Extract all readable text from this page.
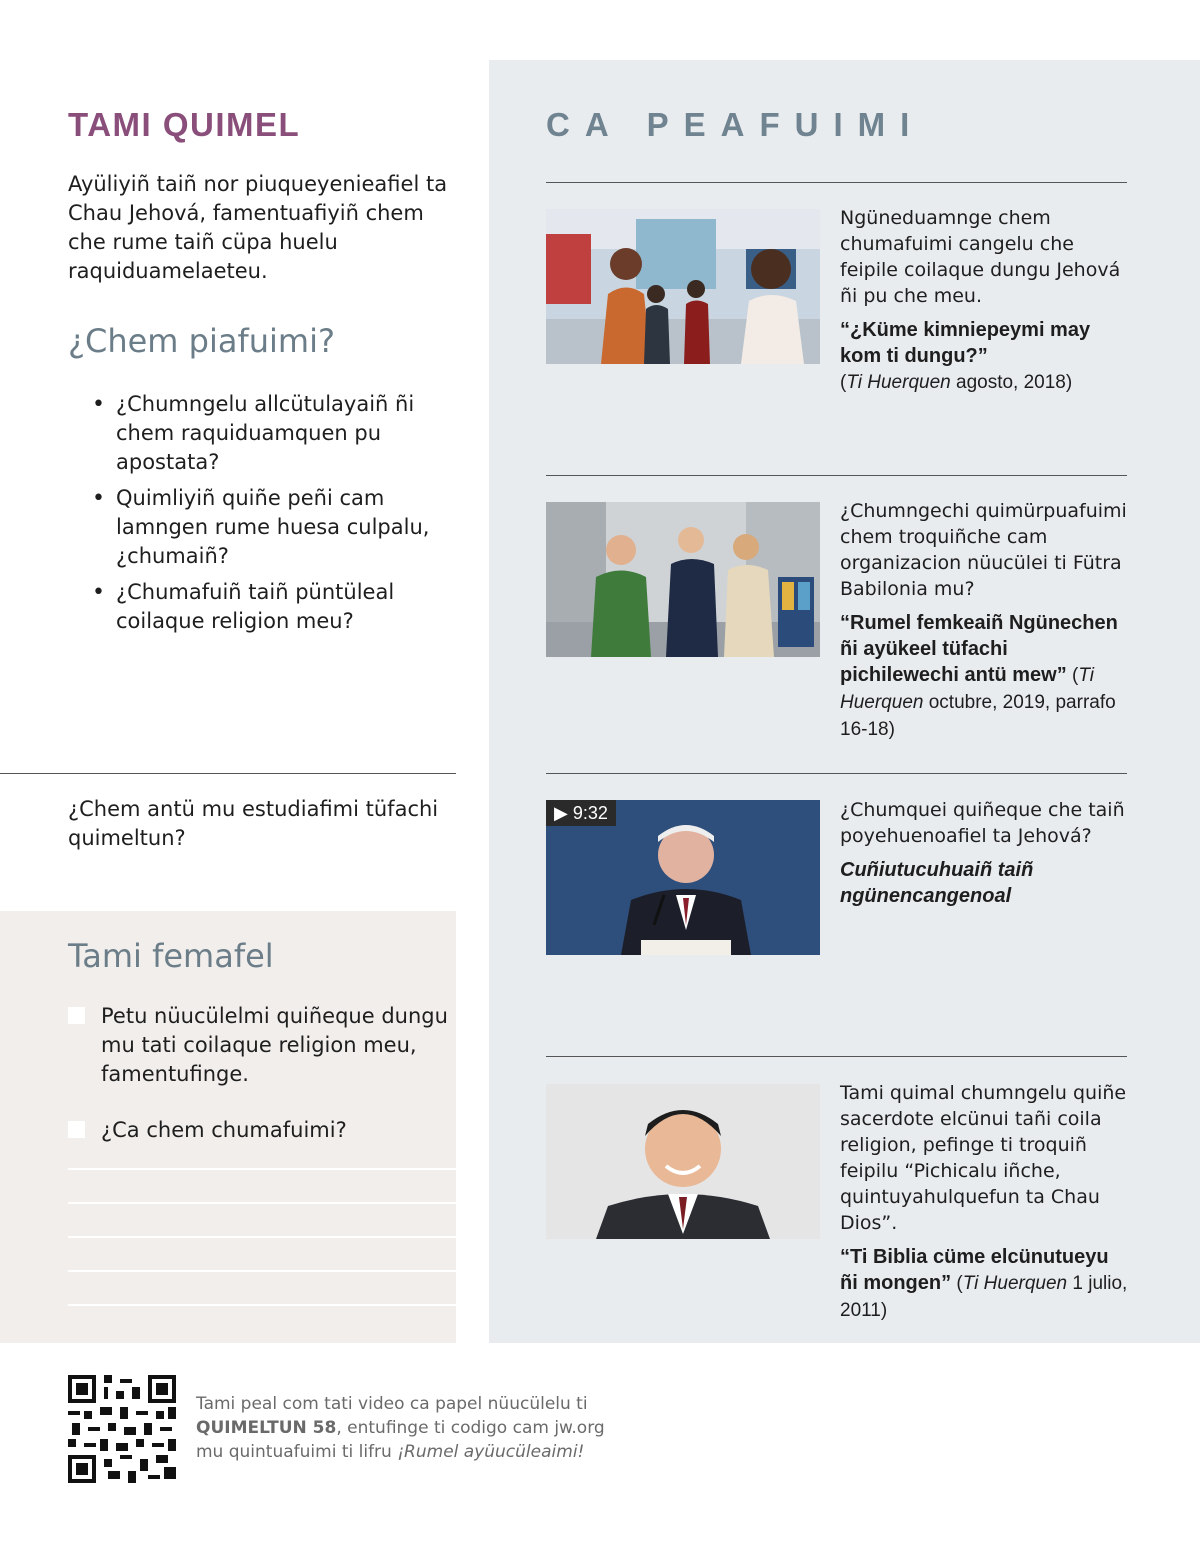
TAMI QUIMEL
Ayüliyiñ taiñ nor piuqueyenieafiel ta Chau Jehová, famentuafiyiñ chem che rume taiñ cüpa huelu raquiduamelaeteu.
¿Chem piafuimi?
• ¿Chumngelu allcütulayaiñ ñi chem raquiduamquen pu apostata?
• Quimliyiñ quiñe peñi cam lamngen rume huesa culpalu, ¿chumaiñ?
• ¿Chumafuiñ taiñ püntüleal coilaque religion meu?
¿Chem antü mu estudiafimi tüfachi quimeltun?
Tami femafel
Petu nüucülelmi quiñeque dungu mu tati coilaque religion meu, famentufinge.
¿Ca chem chumafuimi?
CA PEAFUIMI

Ngüneduamnge chem chumafuimi cangelu che feipile coilaque dungu Jehová ñi pu che meu.

“¿Küme kimniepeymi may kom ti dungu?”
(Ti Huerquen agosto, 2018)

¿Chumngechi quimürpuafuimi chem troquiñche cam organizacion nüucülei ti Fütra Babilonia mu?

“Rumel femkeaiñ Ngünechen ñi ayükeel tüfachi pichilewechi antü mew” (Ti Huerquen octubre, 2019, parrafo 16-18)
▶ 9:32	¿Chumquei quiñeque che taiñ poyehuenoafiel ta Jehová?

Cuñiutucuhuaiñ taiñ ngünencangenoal

Tami quimal chumngelu quiñe sacerdote elcünui tañi coila religion, pefinge ti troquiñ feipilu “Pichicalu iñche, quintuyahulquefun ta Chau Dios”.

“Ti Biblia cüme elcünutueyu ñi mongen” (Ti Huerquen 1 julio, 2011)
Tami peal com tati video ca papel nüucülelu ti QUIMELTUN 58, entufinge ti codigo cam jw.org mu quintuafuimi ti lifru ¡Rumel ayüucüleaimi!
